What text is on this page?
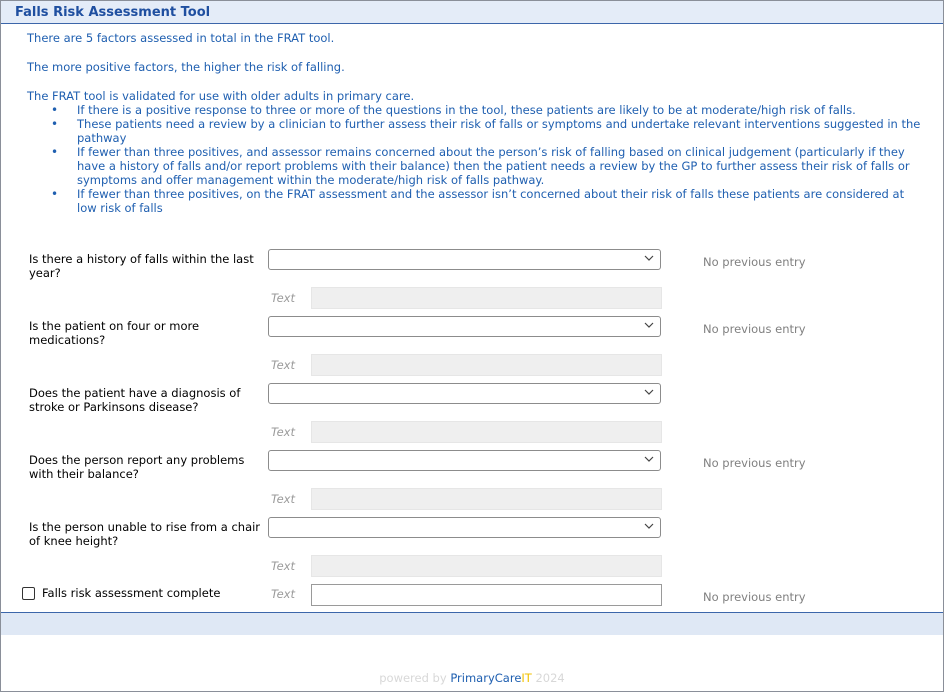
Falls Risk Assessment Tool

There are 5 factors assessed in total in the FRAT tool.

The more positive factors, the higher the risk of falling.

The FRAT tool is validated for use with older adults in primary care.

• If there is a positive response to three or more of the questions in the tool, these patients are likely to be at moderate/high risk of falls.
• These patients need a review by a clinician to further assess their risk of falls or symptoms and undertake relevant interventions suggested in the pathway
• If fewer than three positives, and assessor remains concerned about the person’s risk of falling based on clinical judgement (particularly if they have a history of falls and/or report problems with their balance) then the patient needs a review by the GP to further assess their risk of falls or symptoms and offer management within the moderate/high risk of falls pathway.
• If fewer than three positives, on the FRAT assessment and the assessor isn’t concerned about their risk of falls these patients are considered at low risk of falls
Is there a history of falls within the last year?
No previous entry
Text
Is the patient on four or more medications?
No previous entry
Text
Does the patient have a diagnosis of stroke or Parkinsons disease?
Text
Does the person report any problems with their balance?
No previous entry
Text
Is the person unable to rise from a chair of knee height?
Text
Falls risk assessment complete	Text	No previous entry
powered by PrimaryCareIT 2024
